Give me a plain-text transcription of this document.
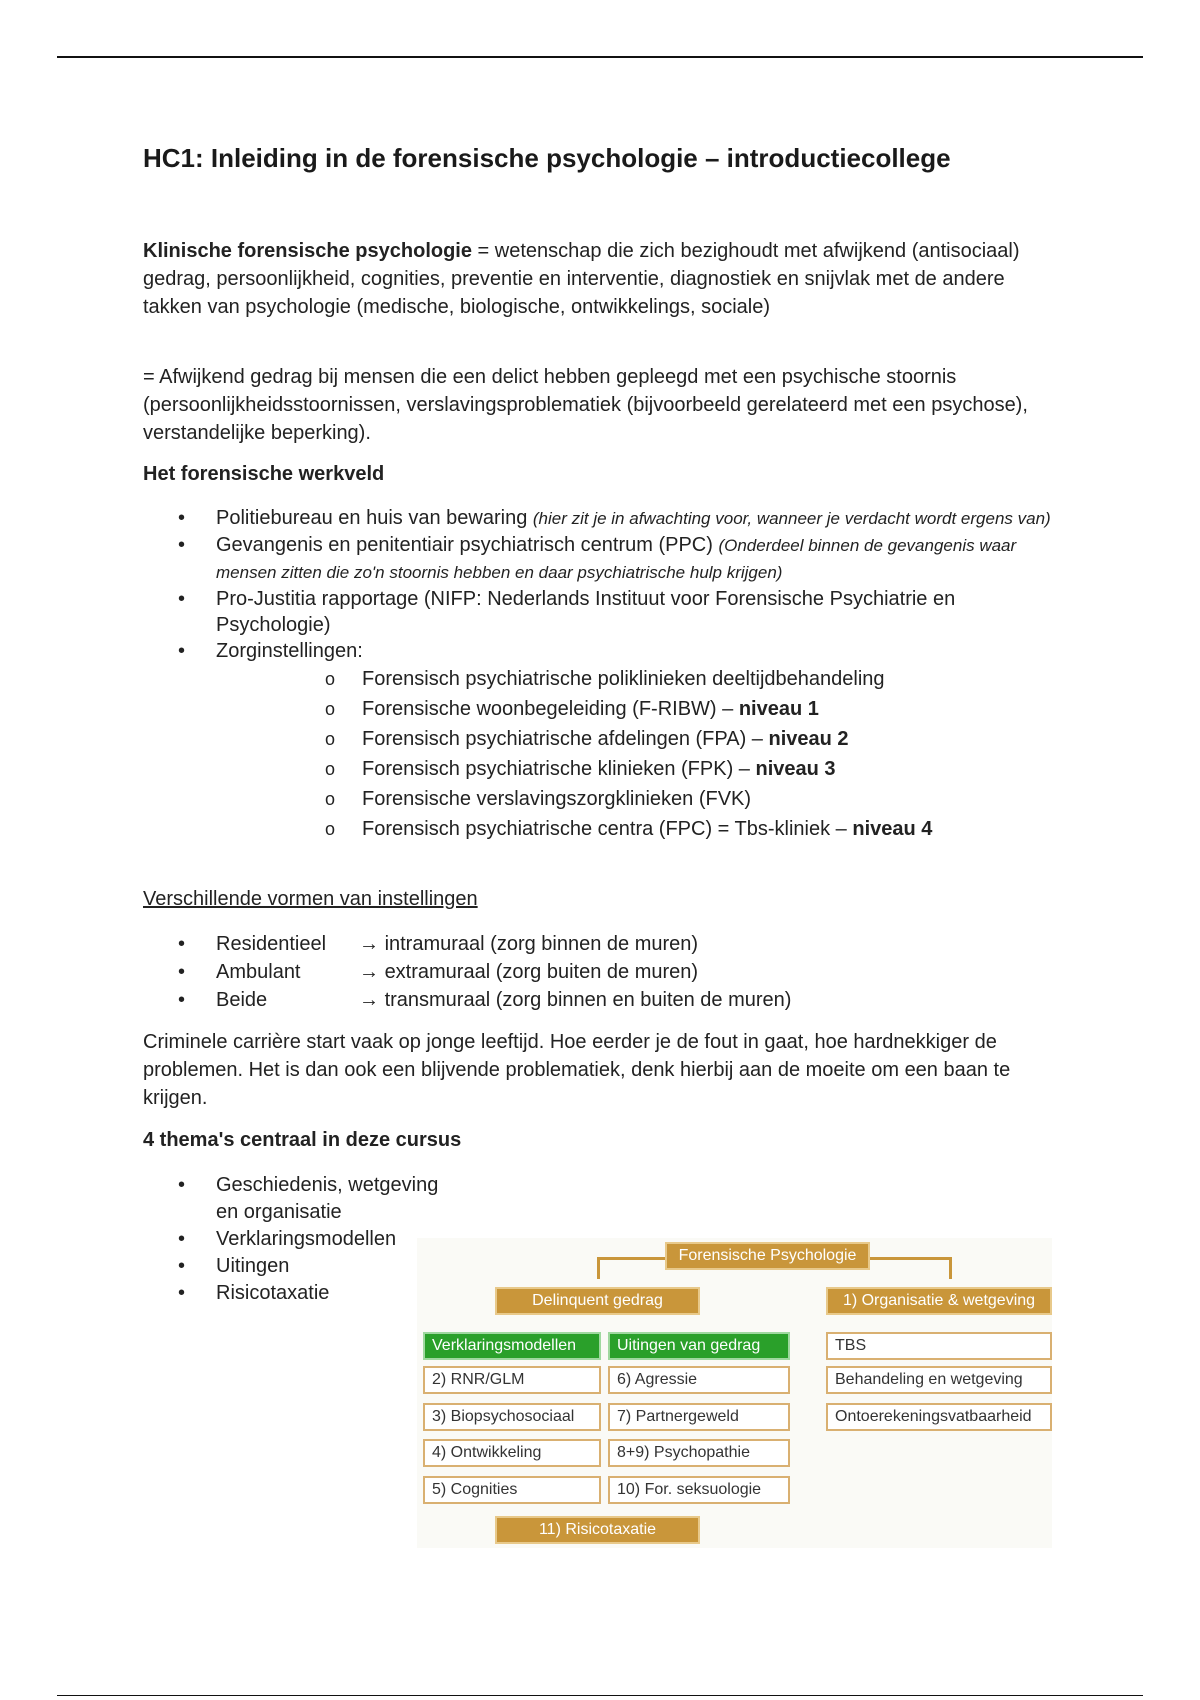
HC1: Inleiding in de forensische psychologie – introductiecollege

Klinische forensische psychologie = wetenschap die zich bezighoudt met afwijkend (antisociaal) gedrag, persoonlijkheid, cognities, preventie en interventie, diagnostiek en snijvlak met de andere takken van psychologie (medische, biologische, ontwikkelings, sociale)

= Afwijkend gedrag bij mensen die een delict hebben gepleegd met een psychische stoornis (persoonlijkheidsstoornissen, verslavingsproblematiek (bijvoorbeeld gerelateerd met een psychose), verstandelijke beperking).

Het forensische werkveld
• Politiebureau en huis van bewaring (hier zit je in afwachting voor, wanneer je verdacht wordt ergens van)
• Gevangenis en penitentiair psychiatrisch centrum (PPC) (Onderdeel binnen de gevangenis waar mensen zitten die zo'n stoornis hebben en daar psychiatrische hulp krijgen)
• Pro-Justitia rapportage (NIFP: Nederlands Instituut voor Forensische Psychiatrie en Psychologie)
• Zorginstellingen:
o Forensisch psychiatrische poliklinieken deeltijdbehandeling
o Forensische woonbegeleiding (F-RIBW) – niveau 1
o Forensisch psychiatrische afdelingen (FPA) – niveau 2
o Forensisch psychiatrische klinieken (FPK) – niveau 3
o Forensische verslavingszorgklinieken (FVK)
o Forensisch psychiatrische centra (FPC) = Tbs-kliniek – niveau 4
Verschillende vormen van instellingen
• Residentieel → intramuraal (zorg binnen de muren)
• Ambulant	→ extramuraal (zorg buiten de muren)
• Beide	→ transmuraal (zorg binnen en buiten de muren)

Criminele carrière start vaak op jonge leeftijd. Hoe eerder je de fout in gaat, hoe hardnekkiger de problemen. Het is dan ook een blijvende problematiek, denk hierbij aan de moeite om een baan te krijgen.

4 thema's centraal in deze cursus
• Geschiedenis, wetgeving en organisatie
• Verklaringsmodellen
• Uitingen
• Risicotaxatie
Forensische Psychologie
Delinquent gedrag	1) Organisatie & wetgeving
Verklaringsmodellen	Uitingen van gedrag
2) RNR/GLM
3) Biopsychosociaal
4) Ontwikkeling
5) Cognities
6) Agressie
7) Partnergeweld
8+9) Psychopathie
10) For. seksuologie
TBS
Behandeling en wetgeving
Ontoerekeningsvatbaarheid
11) Risicotaxatie
